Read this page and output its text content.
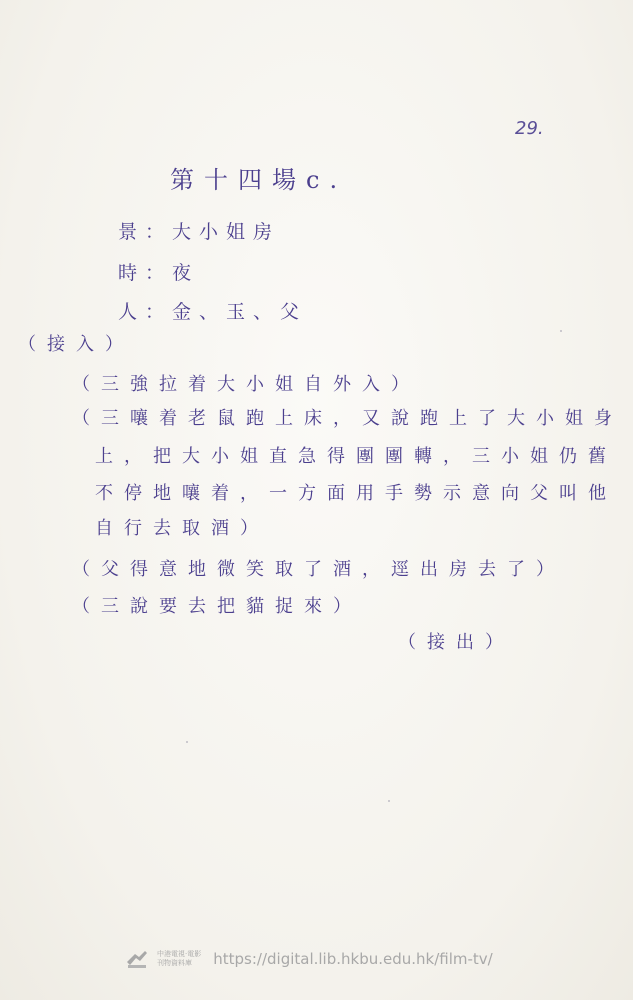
29.
第十四場c.
景：大小姐房
時：夜
人：金、玉、父
（接入）
（三強拉着大小姐自外入）
（三嚷着老鼠跑上床，又說跑上了大小姐身
上，把大小姐直急得團團轉，三小姐仍舊
不停地嚷着，一方面用手勢示意向父叫他
自行去取酒）
（父得意地微笑取了酒，逕出房去了）
（三說要去把貓捉來）
（接出）
中港電視·電影
刊物資料庫	https://digital.lib.hkbu.edu.hk/film-tv/
